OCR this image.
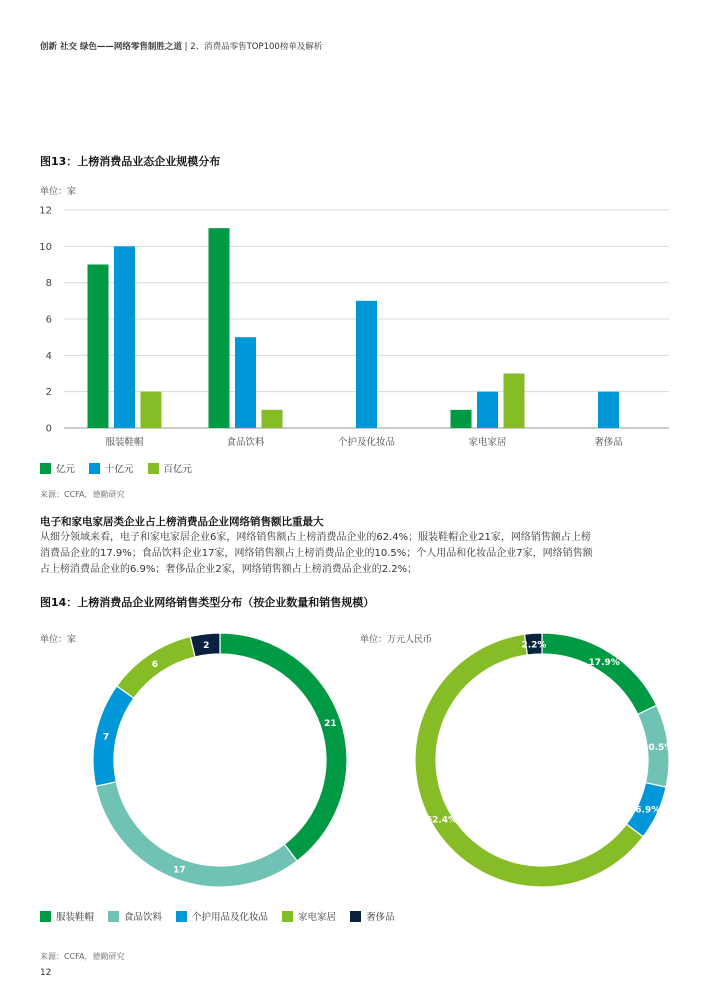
创新 社交 绿色——网络零售制胜之道 | 2、消费品零售TOP100榜单及解析
图13：上榜消费品业态企业规模分布
单位：家
0
2
4
6
8
10
12
服装鞋帽	食品饮料	个护及化妆品	家电家居	奢侈品
亿元	十亿元	百亿元
来源：CCFA，德勤研究
电子和家电家居类企业占上榜消费品企业网络销售额比重最大
从细分领域来看，电子和家电家居企业6家，网络销售额占上榜消费品企业的62.4%；服装鞋帽企业21家，网络销售额占上榜
消费品企业的17.9%；食品饮料企业17家，网络销售额占上榜消费品企业的10.5%；个人用品和化妆品企业7家，网络销售额
占上榜消费品企业的6.9%；奢侈品企业2家，网络销售额占上榜消费品企业的2.2%；
图14：上榜消费品企业网络销售类型分布（按企业数量和销售规模）
单位：家	单位：万元人民币
21
17
7
6
2
17.9%
10.5%
6.9%
62.4%
2.2%
服装鞋帽	食品饮料	个护用品及化妆品	家电家居	奢侈品
来源：CCFA，德勤研究
12
